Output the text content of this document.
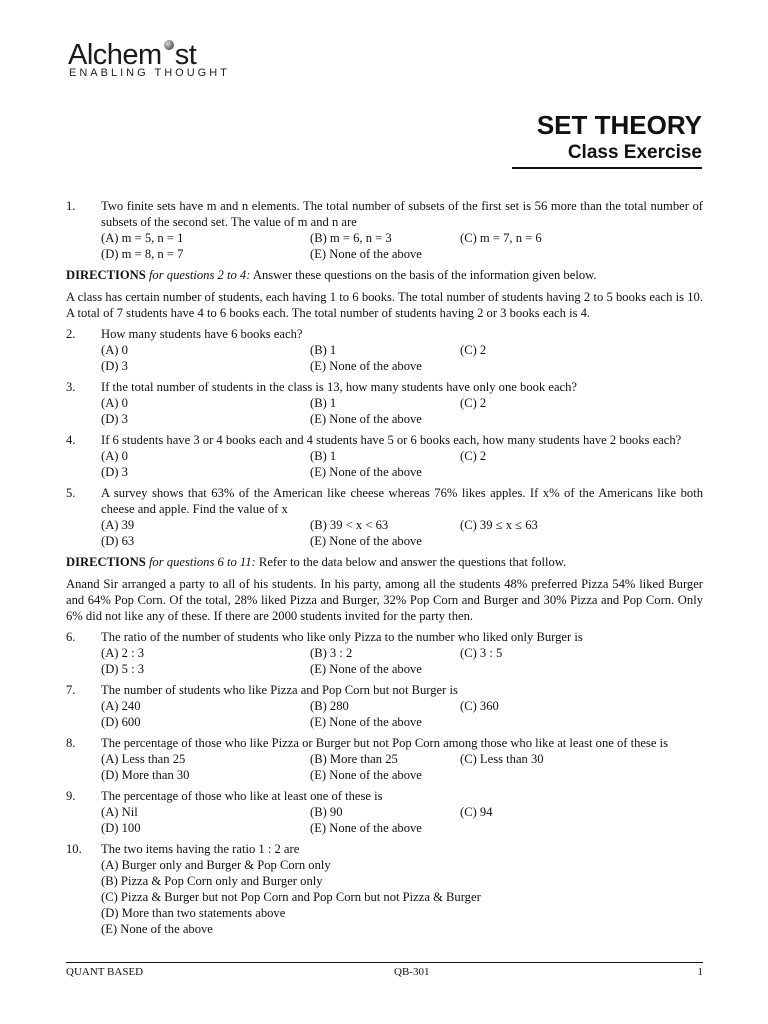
Alchem st
ENABLING THOUGHT
SET THEORY
Class Exercise
1.	Two finite sets have m and n elements. The total number of subsets of the first set is 56 more than the total number of subsets of the second set. The value of m and n are
(A) m = 5, n = 1	(B) m = 6, n = 3	(C) m = 7, n = 6
(D) m = 8, n = 7	(E) None of the above
DIRECTIONS for questions 2 to 4: Answer these questions on the basis of the information given below.
A class has certain number of students, each having 1 to 6 books. The total number of students having 2 to 5 books each is 10. A total of 7 students have 4 to 6 books each. The total number of students having 2 or 3 books each is 4.
2.	How many students have 6 books each?
(A) 0	(B) 1	(C) 2
(D) 3	(E) None of the above
3.	If the total number of students in the class is 13, how many students have only one book each?
(A) 0	(B) 1	(C) 2
(D) 3	(E) None of the above
4.	If 6 students have 3 or 4 books each and 4 students have 5 or 6 books each, how many students have 2 books each?
(A) 0	(B) 1	(C) 2
(D) 3	(E) None of the above
5.	A survey shows that 63% of the American like cheese whereas 76% likes apples. If x% of the Americans like both cheese and apple. Find the value of x
(A) 39	(B) 39 < x < 63	(C) 39 ≤ x ≤ 63
(D) 63	(E) None of the above
DIRECTIONS for questions 6 to 11: Refer to the data below and answer the questions that follow.
Anand Sir arranged a party to all of his students. In his party, among all the students 48% preferred Pizza 54% liked Burger and 64% Pop Corn. Of the total, 28% liked Pizza and Burger, 32% Pop Corn and Burger and 30% Pizza and Pop Corn. Only 6% did not like any of these. If there are 2000 students invited for the party then.
6.	The ratio of the number of students who like only Pizza to the number who liked only Burger is
(A) 2 : 3	(B) 3 : 2	(C) 3 : 5
(D) 5 : 3	(E) None of the above
7.	The number of students who like Pizza and Pop Corn but not Burger is
(A) 240	(B) 280	(C) 360
(D) 600	(E) None of the above
8.	The percentage of those who like Pizza or Burger but not Pop Corn among those who like at least one of these is
(A) Less than 25	(B) More than 25	(C) Less than 30
(D) More than 30	(E) None of the above
9.	The percentage of those who like at least one of these is
(A) Nil	(B) 90	(C) 94
(D) 100	(E) None of the above
10.	The two items having the ratio 1 : 2 are
(A) Burger only and Burger & Pop Corn only
(B) Pizza & Pop Corn only and Burger only
(C) Pizza & Burger but not Pop Corn and Pop Corn but not Pizza & Burger
(D) More than two statements above
(E) None of the above
QUANT BASED	QB-301	1
